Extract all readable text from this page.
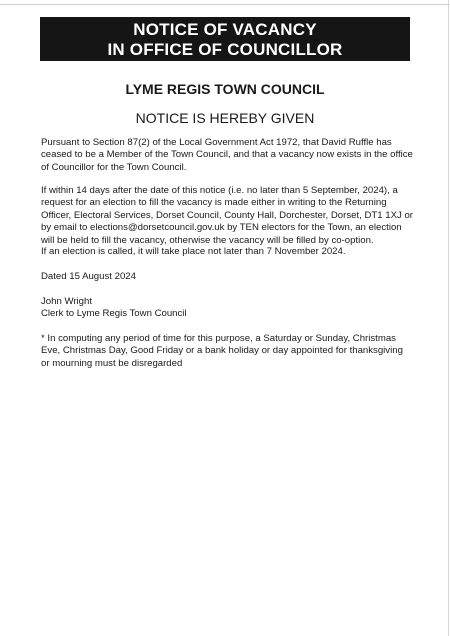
NOTICE OF VACANCY
IN OFFICE OF COUNCILLOR
LYME REGIS TOWN COUNCIL
NOTICE IS HEREBY GIVEN

Pursuant to Section 87(2) of the Local Government Act 1972, that David Ruffle has ceased to be a Member of the Town Council, and that a vacancy now exists in the office of Councillor for the Town Council.

If within 14 days after the date of this notice (i.e. no later than 5 September, 2024), a request for an election to fill the vacancy is made either in writing to the Returning Officer, Electoral Services, Dorset Council, County Hall, Dorchester, Dorset, DT1 1XJ or by email to elections@dorsetcouncil.gov.uk by TEN electors for the Town, an election will be held to fill the vacancy, otherwise the vacancy will be filled by co-option.

If an election is called, it will take place not later than 7 November 2024.

Dated 15 August 2024

John Wright
Clerk to Lyme Regis Town Council

* In computing any period of time for this purpose, a Saturday or Sunday, Christmas Eve, Christmas Day, Good Friday or a bank holiday or day appointed for thanksgiving or mourning must be disregarded
